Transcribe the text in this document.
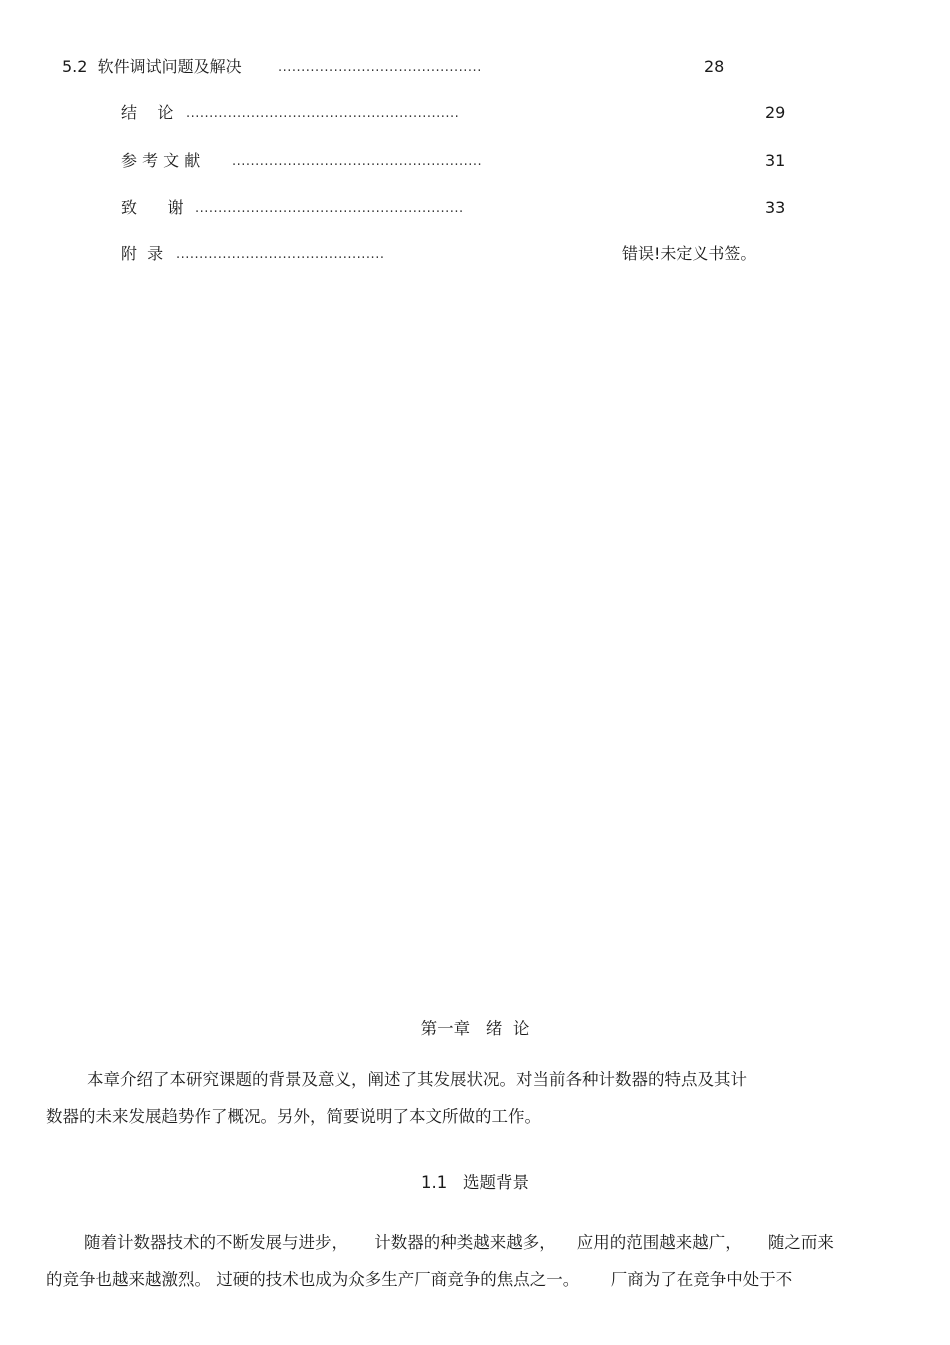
5.2  软件调试问题及解决	............................................	28
结    论 ...........................................................	29
参 考 文 献 ......................................................	31
致      谢 ..........................................................	33
附  录 .............................................	错误!未定义书签。
第一章   绪  论
本章介绍了本研究课题的背景及意义，阐述了其发展状况。对当前各种计数器的特点及其计
数器的未来发展趋势作了概况。另外，简要说明了本文所做的工作。
1.1   选题背景
随着计数器技术的不断发展与进步，     计数器的种类越来越多，    应用的范围越来越广，     随之而来
的竞争也越来越激烈。 过硬的技术也成为众多生产厂商竞争的焦点之一。      厂商为了在竞争中处于不
